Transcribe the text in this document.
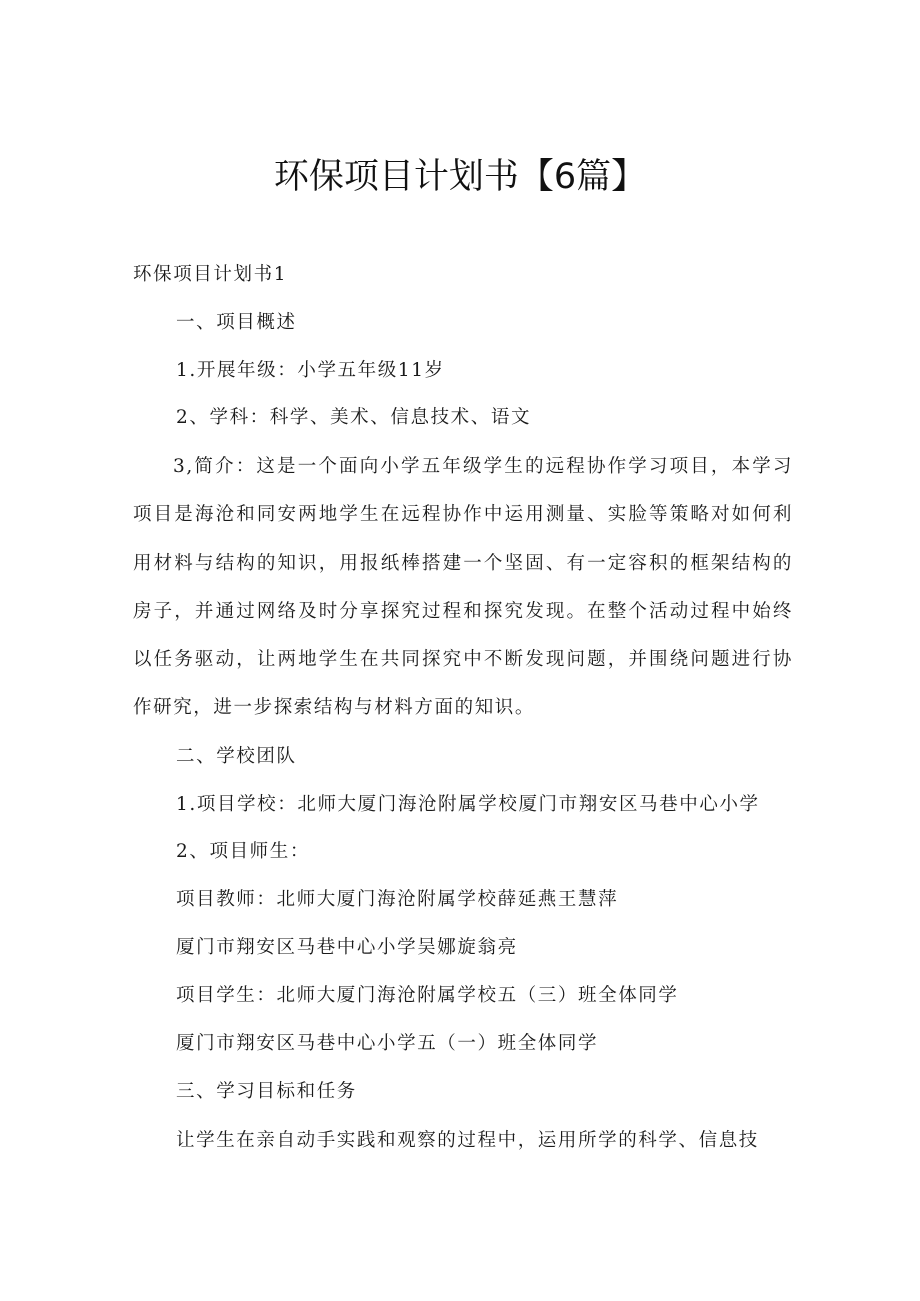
环保项目计划书【6篇】

环保项目计划书1

一、项目概述

1.开展年级：小学五年级11岁

2、学科：科学、美术、信息技术、语文

3,简介：这是一个面向小学五年级学生的远程协作学习项目，本学习项目是海沧和同安两地学生在远程协作中运用测量、实脸等策略对如何利用材料与结构的知识，用报纸棒搭建一个坚固、有一定容积的框架结构的房子，并通过网络及时分享探究过程和探究发现。在整个活动过程中始终以任务驱动，让两地学生在共同探究中不断发现问题，并围绕问题进行协作研究，进一步探索结构与材料方面的知识。

二、学校团队

1.项目学校：北师大厦门海沧附属学校厦门市翔安区马巷中心小学

2、项目师生：

项目教师：北师大厦门海沧附属学校薛延燕王慧萍

厦门市翔安区马巷中心小学吴娜旋翁亮

项目学生：北师大厦门海沧附属学校五（三）班全体同学

厦门市翔安区马巷中心小学五（一）班全体同学

三、学习目标和任务

让学生在亲自动手实践和观察的过程中，运用所学的科学、信息技
